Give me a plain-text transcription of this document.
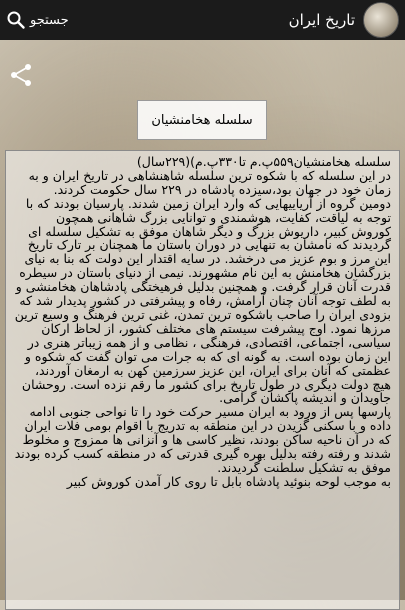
جستجو	تاریخ ایران
سلسله هخامنشیان

سلسله هخامنشیان۵۵۹پ.م تا۳۳۰پ.م)(۲۲۹سال)

در این سلسله که با شکوه ترین سلسله شاهنشاهی در تاریخ ایران و به زمان خود در جهان بود،سیزده پادشاه در ۲۲۹ سال حکومت کردند.

دومین گروه از آریاییهایی که وارد ایران زمین شدند. پارسیان بودند که با توجه به لیاقت، کفایت، هوشمندی و توانایی بزرگ شاهانی همچون کوروش کبیر، داریوش بزرگ و دیگر شاهان موفق به تشکیل سلسله ای گردیدند که نامشان به تنهایی در دوران باستان ما همچنان بر تارک تاریخ این مرز و بوم عزیز می درخشد. در سایه اقتدار این دولت که بنا به نیای بزرگشان هخامنش به این نام مشهورند. نیمی از دنیای باستان در سیطره قدرت آنان قرار گرفت. و همچنین بدلیل فرهیختگی پادشاهان هخامنشی و به لطف توجه آنان چنان آرامش، رفاه و پیشرفتی در کشور پدیدار شد که بزودی ایران را صاحب باشکوه ترین تمدن، غنی ترین فرهنگ و وسیع ترین مرزها نمود. اوج پیشرفت سیستم های مختلف کشور، از لحاظ ارکان سیاسی، اجتماعی، اقتصادی، فرهنگی ، نظامی و از همه زیباتر هنری در این زمان بوده است. به گونه ای که به جرات می توان گفت که شکوه و عظمتی که آنان برای ایران، این عزیز سرزمین کهن به ارمغان آوردند، هیچ دولت دیگری در طول تاریخ برای کشور ما رقم نزده است. روحشان جاویدان و اندیشه پاکشان گرامی.

پارسها پس از ورود به ایران مسیر حرکت خود را تا نواحی جنوبی ادامه داده و با سکنی گزیدن در این منطقه به تدریج با اقوام بومی فلات ایران که در آن ناحیه ساکن بودند، نظیر کاسی ها و آنزانی ها ممزوج و مخلوط شدند و رفته رفته بدلیل بهره گیری قدرتی که در منطقه کسب کرده بودند موفق به تشکیل سلطنت گردیدند.

به موجب لوحه بنوئید پادشاه بابل تا روی کار آمدن کوروش کبیر
